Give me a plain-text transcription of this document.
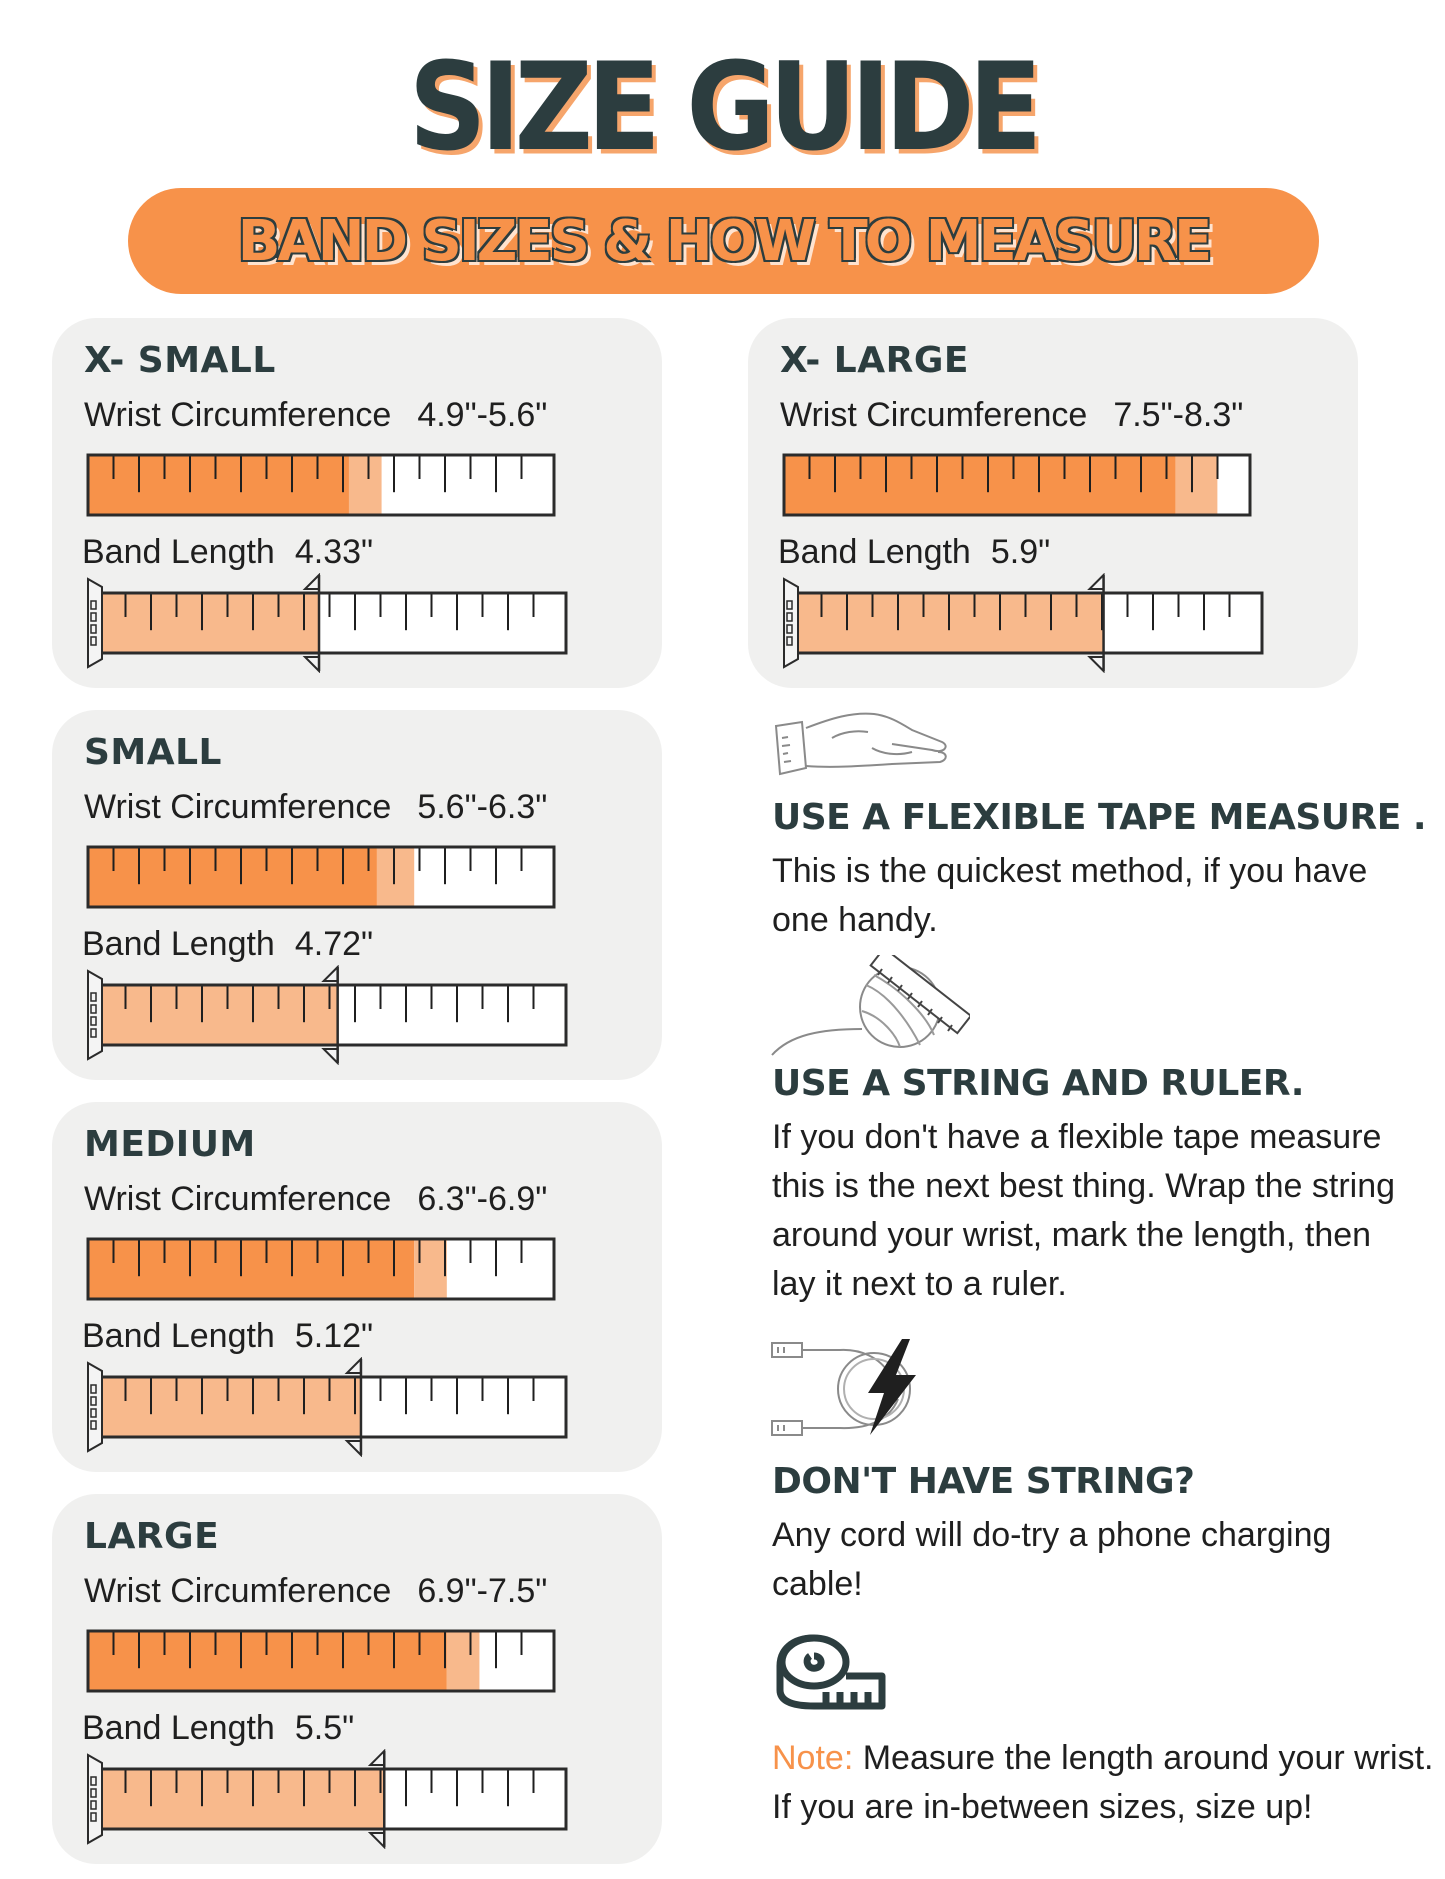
SIZE GUIDE
BAND SIZES & HOW TO MEASURE
X- SMALL
Wrist Circumference 4.9"-5.6"
Band Length 4.33"
SMALL
Wrist Circumference 5.6"-6.3"
Band Length 4.72"
MEDIUM
Wrist Circumference 6.3"-6.9"
Band Length 5.12"
LARGE
Wrist Circumference 6.9"-7.5"
Band Length 5.5"
X- LARGE
Wrist Circumference 7.5"-8.3"
Band Length 5.9"
USE A FLEXIBLE TAPE MEASURE .
This is the quickest method, if you have one handy.
USE A STRING AND RULER.
If you don't have a flexible tape measure this is the next best thing. Wrap the string around your wrist, mark the length, then lay it next to a ruler.
DON'T HAVE STRING?
Any cord will do-try a phone charging cable!
Note: Measure the length around your wrist. If you are in-between sizes, size up!
